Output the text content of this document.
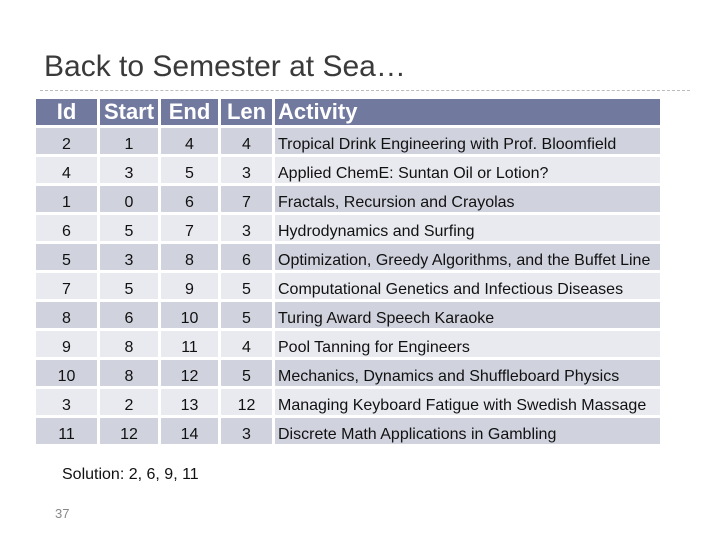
Back to Semester at Sea…
Id	Start	End	Len	Activity
2	1	4	4	Tropical Drink Engineering with Prof. Bloomfield
4	3	5	3	Applied ChemE: Suntan Oil or Lotion?
1	0	6	7	Fractals, Recursion and Crayolas
6	5	7	3	Hydrodynamics and Surfing
5	3	8	6	Optimization, Greedy Algorithms, and the Buffet Line
7	5	9	5	Computational Genetics and Infectious Diseases
8	6	10	5	Turing Award Speech Karaoke
9	8	11	4	Pool Tanning for Engineers
10	8	12	5	Mechanics, Dynamics and Shuffleboard Physics
3	2	13	12	Managing Keyboard Fatigue with Swedish Massage
11	12	14	3	Discrete Math Applications in Gambling
Solution: 2, 6, 9, 11
37
